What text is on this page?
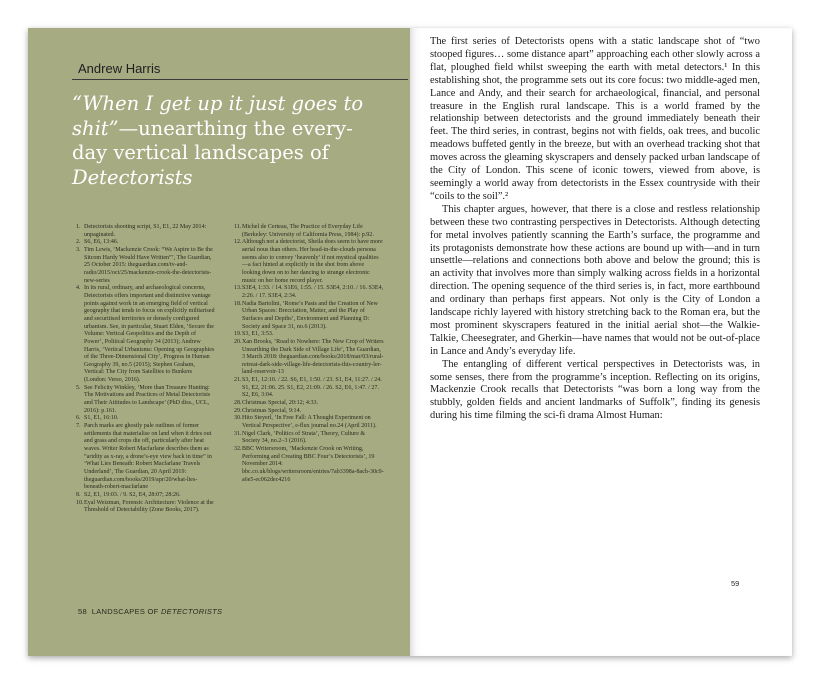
Andrew Harris
“When I get up it just goes to
shit”—unearthing the every-
day vertical landscapes of
Detectorists
1. Detectorists shooting script, S1, E1, 22 May 2014: unpaginated.
2. S6, E6, 13:46.
3. Tim Lewis, ‘Mackenzie Crook: “We Aspire to Be the Sitcom Hardy Would Have Written”’, The Guardian, 25 October 2015: theguardian.com/tv-and-radio/2015/oct/25/mackenzie-crook-the-detectorists-new-series
4. In its rural, ordinary, and archaeological concerns, Detectorists offers important and distinctive vantage points against work in an emerging field of vertical geography that tends to focus on explicitly militarised and securitised territories or densely configured urbanism. See, in particular, Stuart Elden, ‘Secure the Volume: Vertical Geopolitics and the Depth of Power’, Political Geography 34 (2013); Andrew Harris, ‘Vertical Urbanisms: Opening up Geographies of the Three-Dimensional City’, Progress in Human Geography 39, no.5 (2015); Stephen Graham, Vertical: The City from Satellites to Bunkers (London: Verso, 2016).
5. See Felicity Winkley, ‘More than Treasure Hunting: The Motivations and Practices of Metal Detectorists and Their Attitudes to Landscape’ (PhD diss., UCL, 2016): p.161.
6. S1, E1, 16:10.
7. Parch marks are ghostly pale outlines of former settlements that materialise on land when it dries out and grass and crops die off, particularly after heat waves. Writer Robert Macfarlane describes them as “aridity as x-ray, a drone’s-eye view back in time” in ‘What Lies Beneath: Robert Macfarlane Travels Underland’, The Guardian, 20 April 2019: theguardian.com/books/2019/apr/20/what-lies-beneath-robert-macfarlane
8. S2, E1, 19:03. / 9. S2, E4, 28:07; 28:26.
10. Eyal Weizman, Forensic Architecture: Violence at the Threshold of Detectability (Zone Books, 2017).
11. Michel de Certeau, The Practice of Everyday Life (Berkeley: University of California Press, 1984): p.92.
12. Although not a detectorist, Sheila does seem to have more aerial nous than others. Her head-in-the-clouds persona seems also to convey ‘heavenly’ if not mystical qualities—a fact hinted at explicitly in the shot from above looking down on to her dancing to strange electronic music on her home record player.
13. S3E4, 1:33. / 14. S1E6, 1:55. / 15. S3E4, 2:10. / 16. S3E4, 2:26. / 17. S3E4, 2:34.
18. Nadia Bartolini, ‘Rome’s Pasts and the Creation of New Urban Spaces: Brecciation, Matter, and the Play of Surfaces and Depths’, Environment and Planning D: Society and Space 31, no.6 (2013).
19. S3, E1, 3:53.
20. Xan Brooks, ‘Road to Nowhere: The New Crop of Writers Unearthing the Dark Side of Village Life’, The Guardian, 3 March 2018: theguardian.com/books/2018/mar/03/rural-retreat-dark-side-village-life-detectorists-this-country-ler-land-reservoir-13
21. S3, E1, 12:10. / 22. S6, E1, 1:50. / 23. S1, E4, 11:27. / 24. S1, E2, 21:06. 25. S1, E2, 21:09. / 26. S2, E6, 1:47. / 27. S2, E6, 3:04.
28. Christmas Special, 20:12; 4:33.
29. Christmas Special, 9:14.
30. Hito Steyerl, ‘In Free Fall: A Thought Experiment on Vertical Perspective’, e-flux journal no.24 (April 2011).
31. Nigel Clark, ‘Politics of Strata’, Theory, Culture & Society 34, no.2–3 (2016).
32. BBC Writersroom, ‘Mackenzie Crook on Writing, Performing and Creating BBC Four’s Detectorists’, 19 November 2014: bbc.co.uk/blogs/writersroom/entries/7ab3398a-8ach-30c9-a6e5-ec062dec4216
58 LANDSCAPES OF DETECTORISTS

The first series of Detectorists opens with a static landscape shot of “two stooped figures… some distance apart” approaching each other slowly across a flat, ploughed field whilst sweeping the earth with metal detectors.¹ In this establishing shot, the programme sets out its core focus: two middle-aged men, Lance and Andy, and their search for archaeological, financial, and personal treasure in the English rural landscape. This is a world framed by the relationship between detectorists and the ground immediately beneath their feet. The third series, in contrast, begins not with fields, oak trees, and bucolic meadows buffeted gently in the breeze, but with an overhead tracking shot that moves across the gleaming skyscrapers and densely packed urban landscape of the City of London. This scene of iconic towers, viewed from above, is seemingly a world away from detectorists in the Essex countryside with their “coils to the soil”.²

This chapter argues, however, that there is a close and restless relationship between these two contrasting perspectives in Detectorists. Although detecting for metal involves patiently scanning the Earth’s surface, the programme and its protagonists demonstrate how these actions are bound up with—and in turn unsettle—relations and connections both above and below the ground; this is an activity that involves more than simply walking across fields in a horizontal direction. The opening sequence of the third series is, in fact, more earthbound and ordinary than perhaps first appears. Not only is the City of London a landscape richly layered with history stretching back to the Roman era, but the most prominent skyscrapers featured in the initial aerial shot—the Walkie-Talkie, Cheesegrater, and Gherkin—have names that would not be out-of-place in Lance and Andy’s everyday life.

The entangling of different vertical perspectives in Detectorists was, in some senses, there from the programme’s inception. Reflecting on its origins, Mackenzie Crook recalls that Detectorists “was born a long way from the stubbly, golden fields and ancient landmarks of Suffolk”, finding its genesis during his time filming the sci-fi drama Almost Human:

59
